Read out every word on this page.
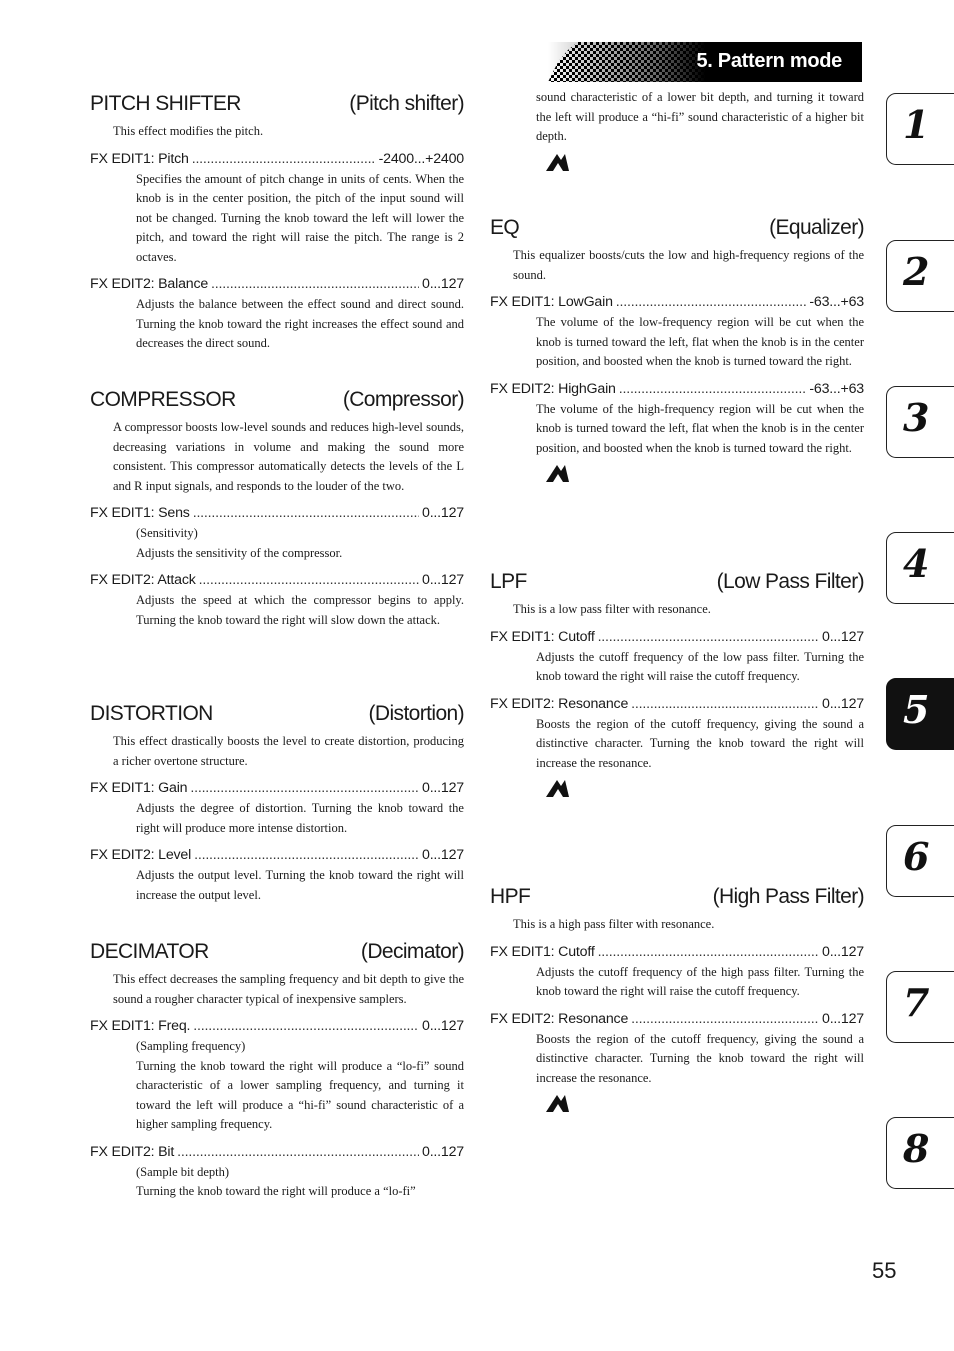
5. Pattern mode
PITCH SHIFTER	(Pitch shifter)
This effect modifies the pitch.
FX EDIT1: Pitch .....	-2400...+2400
Specifies the amount of pitch change in units of cents. When the knob is in the center position, the pitch of the input sound will not be changed. Turning the knob toward the left will lower the pitch, and toward the right will raise the pitch. The range is 2 octaves.
FX EDIT2: Balance .....	0...127
Adjusts the balance between the effect sound and direct sound. Turning the knob toward the right increases the effect sound and decreases the direct sound.
COMPRESSOR	(Compressor)
A compressor boosts low-level sounds and reduces high-level sounds, decreasing variations in volume and making the sound more consistent. This compressor automatically detects the levels of the L and R input signals, and responds to the louder of the two.
FX EDIT1: Sens .....	0...127
(Sensitivity)
Adjusts the sensitivity of the compressor.
FX EDIT2: Attack .....	0...127
Adjusts the speed at which the compressor begins to apply. Turning the knob toward the right will slow down the attack.
DISTORTION	(Distortion)
This effect drastically boosts the level to create distortion, producing a richer overtone structure.
FX EDIT1: Gain .....	0...127
Adjusts the degree of distortion. Turning the knob toward the right will produce more intense distortion.
FX EDIT2: Level .....	0...127
Adjusts the output level. Turning the knob toward the right will increase the output level.
DECIMATOR	(Decimator)
This effect decreases the sampling frequency and bit depth to give the sound a rougher character typical of inexpensive samplers.
FX EDIT1: Freq. .....	0...127
(Sampling frequency)
Turning the knob toward the right will produce a “lo-fi” sound characteristic of a lower sampling frequency, and turning it toward the left will produce a “hi-fi” sound characteristic of a higher sampling frequency.
FX EDIT2: Bit .....	0...127
(Sample bit depth)
Turning the knob toward the right will produce a “lo-fi”
sound characteristic of a lower bit depth, and turning it toward the left will produce a “hi-fi” sound characteristic of a higher bit depth.
EQ	(Equalizer)
This equalizer boosts/cuts the low and high-frequency regions of the sound.
FX EDIT1: LowGain .....	-63...+63
The volume of the low-frequency region will be cut when the knob is turned toward the left, flat when the knob is in the center position, and boosted when the knob is turned toward the right.
FX EDIT2: HighGain .....	-63...+63
The volume of the high-frequency region will be cut when the knob is turned toward the left, flat when the knob is in the center position, and boosted when the knob is turned toward the right.
LPF	(Low Pass Filter)
This is a low pass filter with resonance.
FX EDIT1: Cutoff .....	0...127
Adjusts the cutoff frequency of the low pass filter. Turning the knob toward the right will raise the cutoff frequency.
FX EDIT2: Resonance .....	0...127
Boosts the region of the cutoff frequency, giving the sound a distinctive character. Turning the knob toward the right will increase the resonance.
HPF	(High Pass Filter)
This is a high pass filter with resonance.
FX EDIT1: Cutoff .....	0...127
Adjusts the cutoff frequency of the high pass filter. Turning the knob toward the right will raise the cutoff frequency.
FX EDIT2: Resonance .....	0...127
Boosts the region of the cutoff frequency, giving the sound a distinctive character. Turning the knob toward the right will increase the resonance.
1
2
3
4
5
6
7
8
55
